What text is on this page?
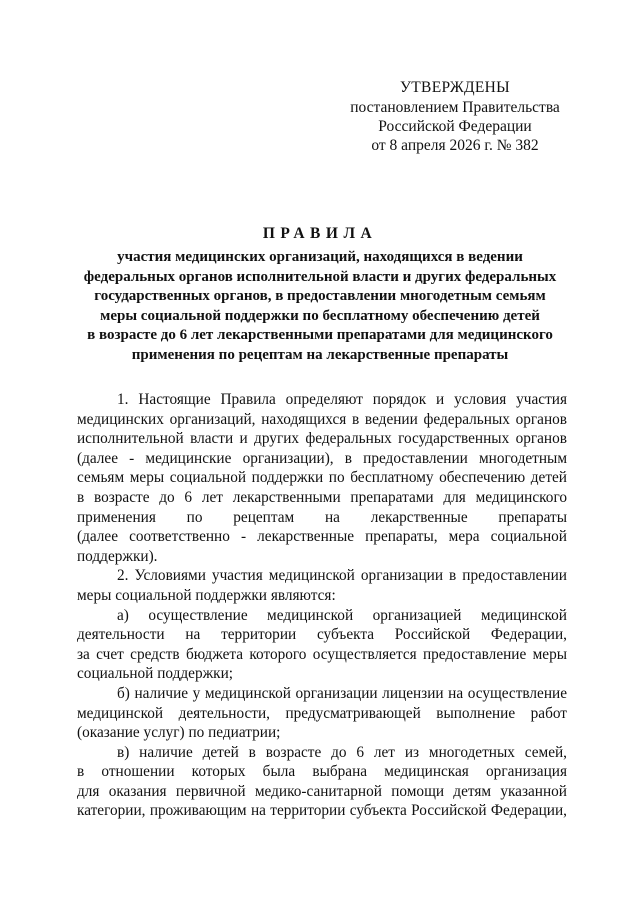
УТВЕРЖДЕНЫ
постановлением Правительства
Российской Федерации
от 8 апреля 2026 г. № 382
ПРАВИЛА
участия медицинских организаций, находящихся в ведении
федеральных органов исполнительной власти и других федеральных
государственных органов, в предоставлении многодетным семьям
меры социальной поддержки по бесплатному обеспечению детей
в возрасте до 6 лет лекарственными препаратами для медицинского
применения по рецептам на лекарственные препараты
1. Настоящие Правила определяют порядок и условия участия
медицинских организаций, находящихся в ведении федеральных органов
исполнительной власти и других федеральных государственных органов
(далее - медицинские организации), в предоставлении многодетным
семьям меры социальной поддержки по бесплатному обеспечению детей
в возрасте до 6 лет лекарственными препаратами для медицинского
применения по рецептам на лекарственные препараты
(далее соответственно - лекарственные препараты, мера социальной
поддержки).
2. Условиями участия медицинской организации в предоставлении
меры социальной поддержки являются:
а) осуществление медицинской организацией медицинской
деятельности на территории субъекта Российской Федерации,
за счет средств бюджета которого осуществляется предоставление меры
социальной поддержки;
б) наличие у медицинской организации лицензии на осуществление
медицинской деятельности, предусматривающей выполнение работ
(оказание услуг) по педиатрии;
в) наличие детей в возрасте до 6 лет из многодетных семей,
в отношении которых была выбрана медицинская организация
для оказания первичной медико-санитарной помощи детям указанной
категории, проживающим на территории субъекта Российской Федерации,
